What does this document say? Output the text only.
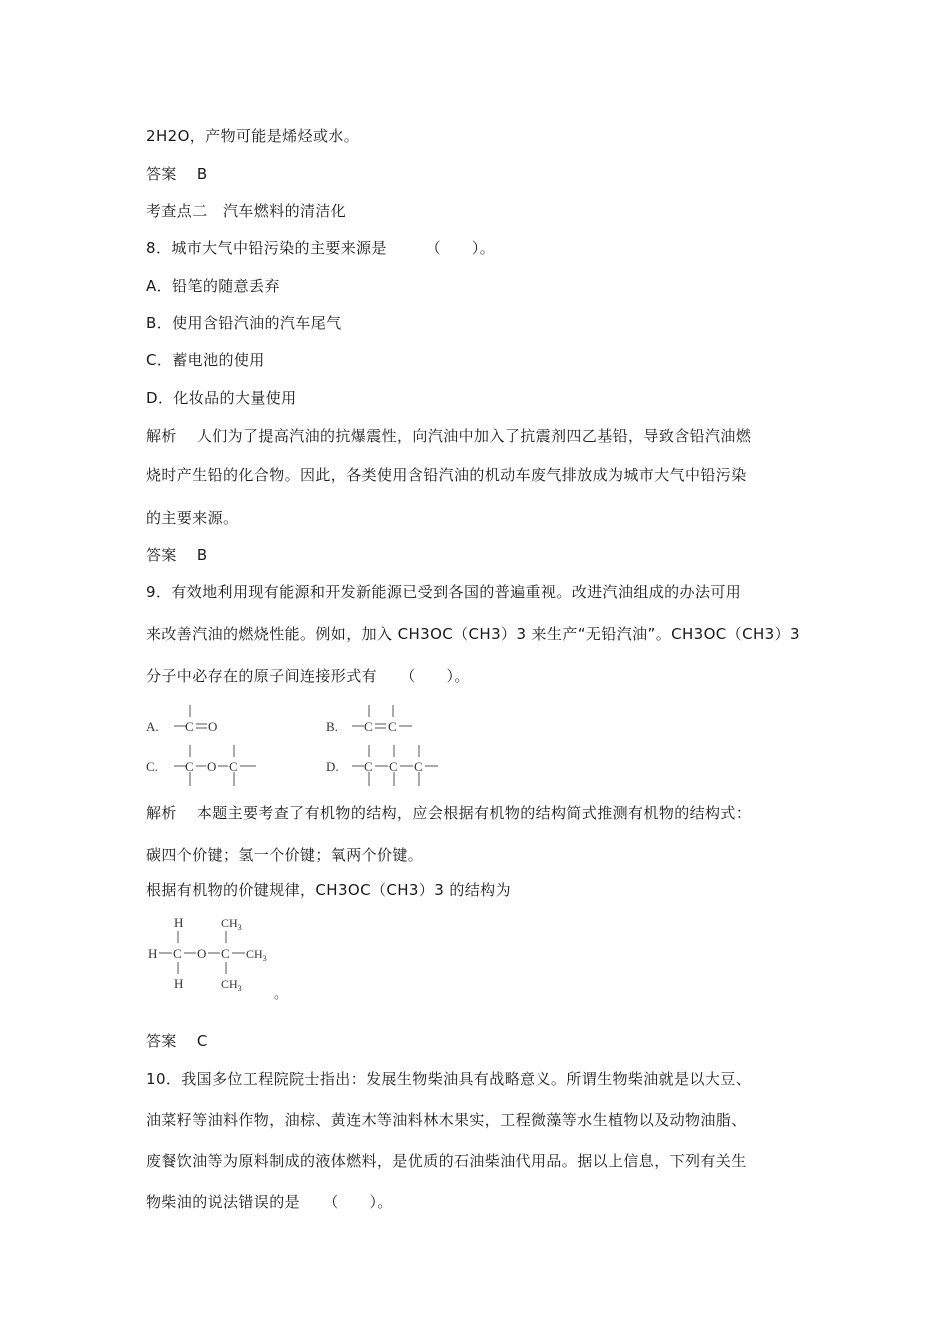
2H2O，产物可能是烯烃或水。
答案 B
考查点二　汽车燃料的清洁化
8．城市大气中铅污染的主要来源是　　　（　　）。
A．铅笔的随意丢弃
B．使用含铅汽油的汽车尾气
C．蓄电池的使用
D．化妆品的大量使用
解析 人们为了提高汽油的抗爆震性，向汽油中加入了抗震剂四乙基铅，导致含铅汽油燃
烧时产生铅的化合物。因此，各类使用含铅汽油的机动车废气排放成为城市大气中铅污染
的主要来源。
答案 B
9．有效地利用现有能源和开发新能源已受到各国的普遍重视。改进汽油组成的办法可用
来改善汽油的燃烧性能。例如，加入 CH3OC（CH3）3 来生产“无铅汽油”。CH3OC（CH3）3
分子中必存在的原子间连接形式有　　（　　）。
A. C O	B. C C
C. C O C	D. C C C
解析 本题主要考查了有机物的结构，应会根据有机物的结构简式推测有机物的结构式：
碳四个价键；氢一个价键；氧两个价键。
根据有机物的价键规律，CH3OC（CH3）3 的结构为
H
H C O C
$CH_3$
$CH_3$
H	$CH_3$ 。
答案 C
10．我国多位工程院院士指出：发展生物柴油具有战略意义。所谓生物柴油就是以大豆、
油菜籽等油料作物，油棕、黄连木等油料林木果实，工程微藻等水生植物以及动物油脂、
废餐饮油等为原料制成的液体燃料，是优质的石油柴油代用品。据以上信息，下列有关生
物柴油的说法错误的是　　（　　）。
